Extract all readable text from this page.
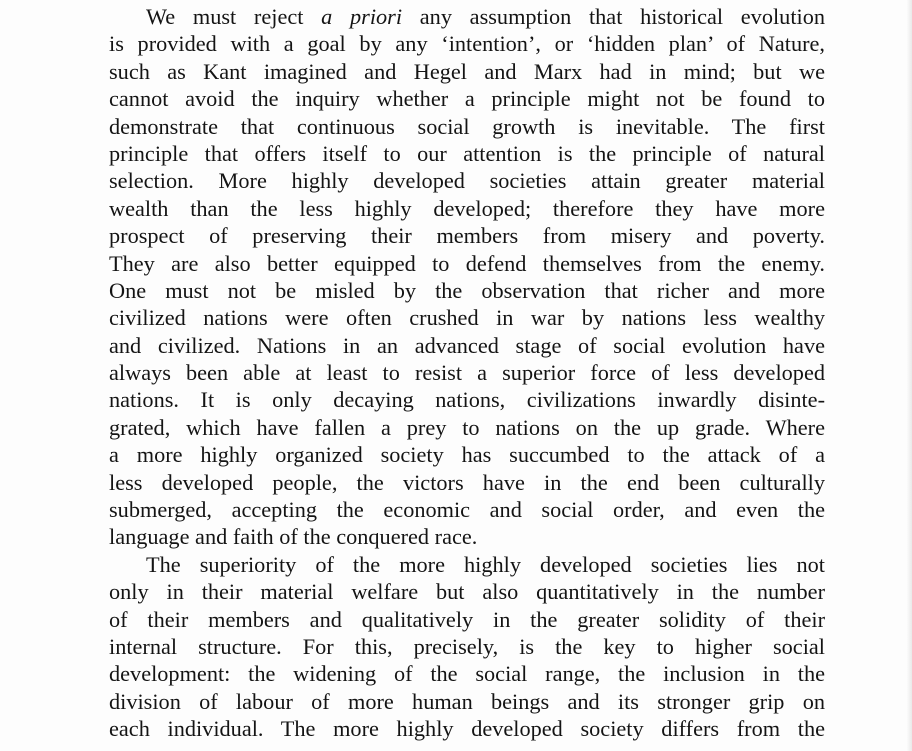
We must reject a priori any assumption that historical evolution
is provided with a goal by any ‘intention’, or ‘hidden plan’ of Nature,
such as Kant imagined and Hegel and Marx had in mind; but we
cannot avoid the inquiry whether a principle might not be found to
demonstrate that continuous social growth is inevitable. The first
principle that offers itself to our attention is the principle of natural
selection. More highly developed societies attain greater material
wealth than the less highly developed; therefore they have more
prospect of preserving their members from misery and poverty.
They are also better equipped to defend themselves from the enemy.
One must not be misled by the observation that richer and more
civilized nations were often crushed in war by nations less wealthy
and civilized. Nations in an advanced stage of social evolution have
always been able at least to resist a superior force of less developed
nations. It is only decaying nations, civilizations inwardly disinte-
grated, which have fallen a prey to nations on the up grade. Where
a more highly organized society has succumbed to the attack of a
less developed people, the victors have in the end been culturally
submerged, accepting the economic and social order, and even the
language and faith of the conquered race.
The superiority of the more highly developed societies lies not
only in their material welfare but also quantitatively in the number
of their members and qualitatively in the greater solidity of their
internal structure. For this, precisely, is the key to higher social
development: the widening of the social range, the inclusion in the
division of labour of more human beings and its stronger grip on
each individual. The more highly developed society differs from the
